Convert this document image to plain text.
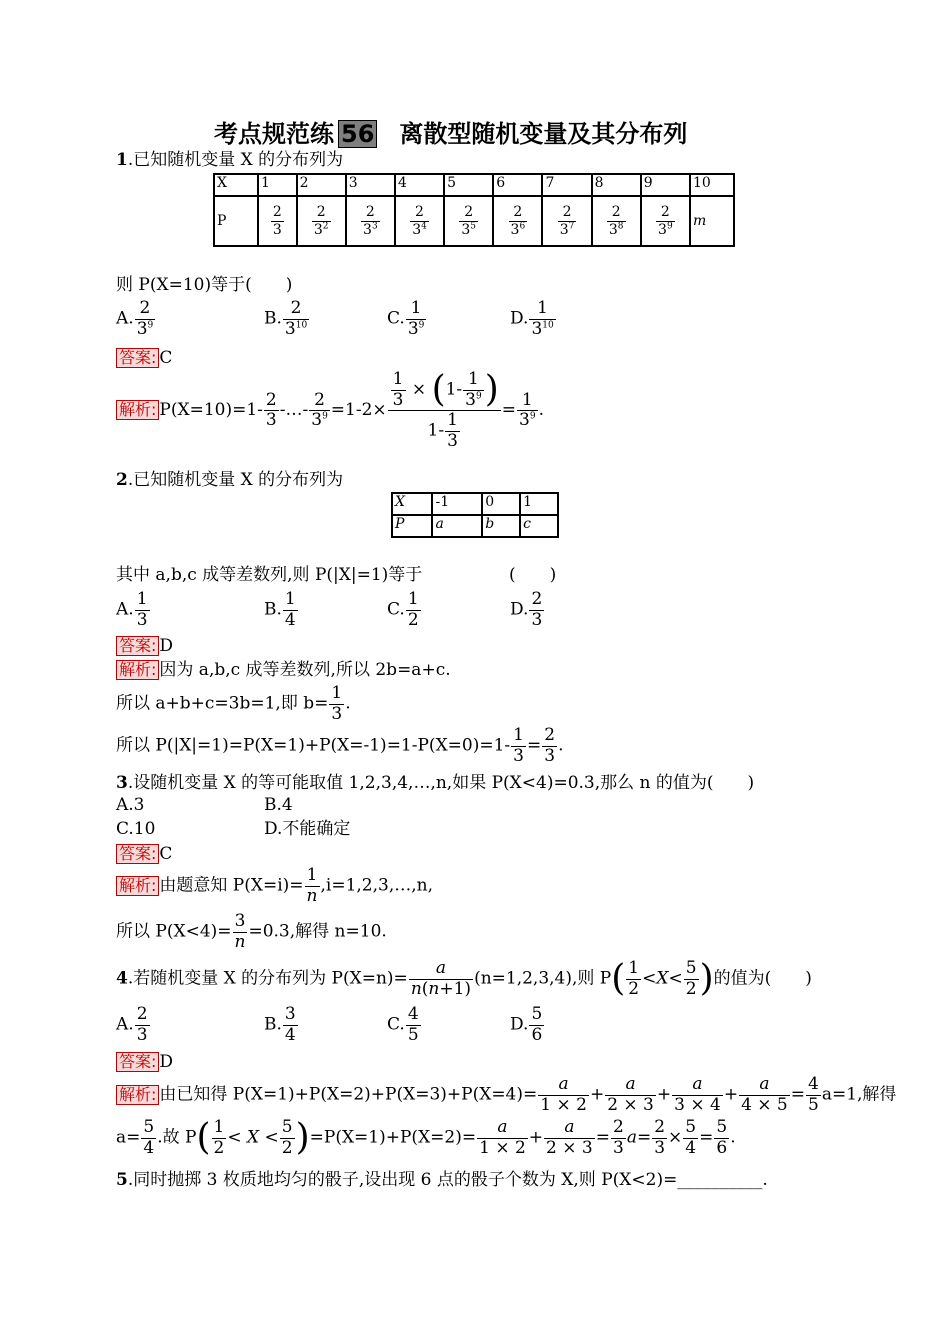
考点规范练 56 离散型随机变量及其分布列
1.已知随机变量 X 的分布列为
X	1	2	3	4	5	6	7	8	9	10
P	$\frac{2}{3}$	$\frac{2}{3^2}$	$\frac{2}{3^3}$	$\frac{2}{3^4}$	$\frac{2}{3^5}$	$\frac{2}{3^6}$	$\frac{2}{3^7}$	$\frac{2}{3^8}$	$\frac{2}{3^9}$	m
则 P(X=10)等于(　　)
A. $\frac{2}{3^9}$	B. $\frac{2}{3^{10}}$	C. $\frac{1}{3^9}$	D. $\frac{1}{3^{10}}$
答案: C
解析: $P(X=10)=1- \frac{2}{3}$ -…- $\frac{2}{3^9} =1-2\times \frac{\frac{1}{3} \times (1- \frac{1}{3^9} )}{1- \frac{1}{3}} = \frac{1}{3^9}$ .
2.已知随机变量 X 的分布列为
X	-1	0	1
P	a	b	c
其中 a,b,c 成等差数列,则 P(|X|=1)等于	(　　)
A. $\frac{1}{3}$	B. $\frac{1}{4}$	C. $\frac{1}{2}$	D. $\frac{2}{3}$
答案: D
解析: 因为 a,b,c 成等差数列,所以 2b=a+c.
所以 a+b+c=3b=1,即 $b= \frac{1}{3}$ .
所以 $P(|X|=1)=P(X=1)+P(X=-1)=1-P(X=0)=1- \frac{1}{3} = \frac{2}{3}$ .
3.设随机变量 X 的等可能取值 1,2,3,4,…,n,如果 P(X<4)=0.3,那么 n 的值为(　　)
A.3	B.4
C.10	D.不能确定
答案: C
解析: 由题意知 $P(X=i)= \frac{1}{n}$ ,i=1,2,3,…,n,
所以 $P(X<4)= \frac{3}{n} =0.3$,解得 n=10.
4.若随机变量 X 的分布列为 $P(X=n)= \frac{a}{n(n+1)} (n=1,2,3,4)$,则 $P( \frac{1}{2} <X< \frac{5}{2}$ )的值为(　　)
A. $\frac{2}{3}$	B. $\frac{3}{4}$	C. $\frac{4}{5}$	D. $\frac{5}{6}$
答案: D
解析: 由已知得 $P(X=1)+P(X=2)+P(X=3)+P(X=4)= \frac{a}{1 \times 2} + \frac{a}{2 \times 3} + \frac{a}{3 \times 4} + \frac{a}{4 \times 5} = \frac{4}{5} a=1$,解得
$a= \frac{5}{4}$ .故 $P( \frac{1}{2} < X < \frac{5}{2} )=P(X=1)+P(X=2)= \frac{a}{1 \times 2} + \frac{a}{2 \times 3} = \frac{2}{3} a= \frac{2}{3} \times \frac{5}{4} = \frac{5}{6}$ .
5.同时抛掷 3 枚质地均匀的骰子,设出现 6 点的骰子个数为 X,则 P(X<2)=__________.
